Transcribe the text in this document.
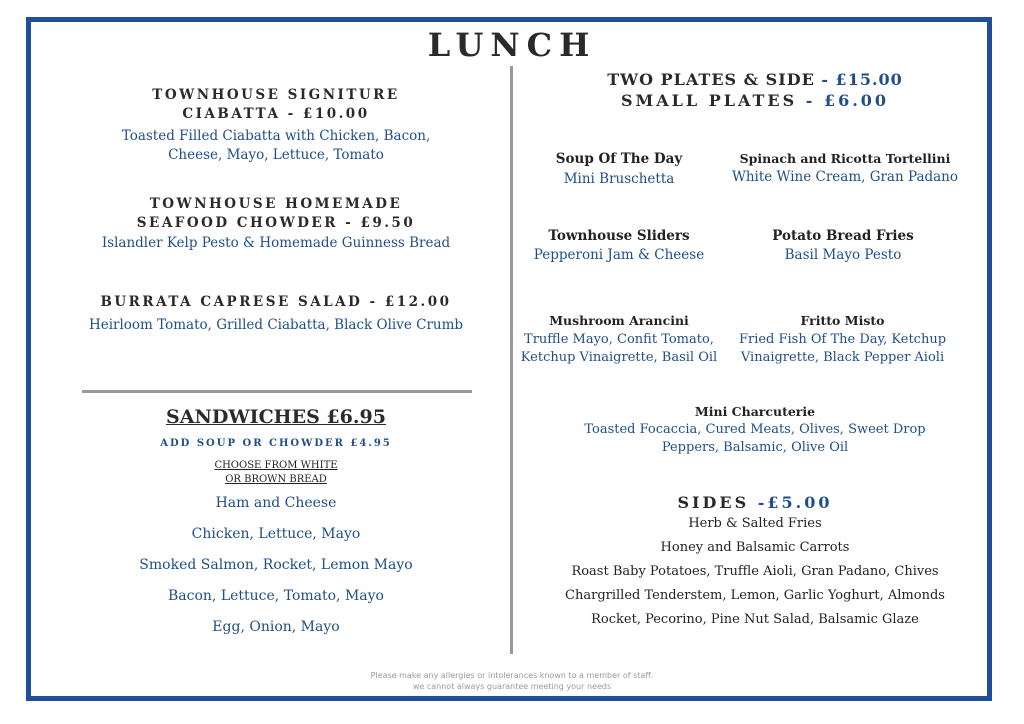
LUNCH
TOWNHOUSE SIGNITURE
CIABATTA - £10.00
Toasted Filled Ciabatta with Chicken, Bacon,
Cheese, Mayo, Lettuce, Tomato
TOWNHOUSE HOMEMADE
SEAFOOD CHOWDER - £9.50
Islandler Kelp Pesto & Homemade Guinness Bread
BURRATA CAPRESE SALAD - £12.00
Heirloom Tomato, Grilled Ciabatta, Black Olive Crumb
SANDWICHES £6.95
ADD SOUP OR CHOWDER £4.95
CHOOSE FROM WHITE
OR BROWN BREAD
Ham and Cheese
Chicken, Lettuce, Mayo
Smoked Salmon, Rocket, Lemon Mayo
Bacon, Lettuce, Tomato, Mayo
Egg, Onion, Mayo
TWO PLATES & SIDE - £15.00
SMALL PLATES - £6.00
Soup Of The Day
Mini Bruschetta
Spinach and Ricotta Tortellini
White Wine Cream, Gran Padano
Townhouse Sliders
Pepperoni Jam & Cheese
Potato Bread Fries
Basil Mayo Pesto
Mushroom Arancini
Truffle Mayo, Confit Tomato,
Ketchup Vinaigrette, Basil Oil
Fritto Misto
Fried Fish Of The Day, Ketchup
Vinaigrette, Black Pepper Aioli
Mini Charcuterie
Toasted Focaccia, Cured Meats, Olives, Sweet Drop
Peppers, Balsamic, Olive Oil
SIDES -£5.00
Herb & Salted Fries
Honey and Balsamic Carrots
Roast Baby Potatoes, Truffle Aioli, Gran Padano, Chives
Chargrilled Tenderstem, Lemon, Garlic Yoghurt, Almonds
Rocket, Pecorino, Pine Nut Salad, Balsamic Glaze
Please make any allergies or intolerances known to a member of staff.
we cannot always guarantee meeting your needs
